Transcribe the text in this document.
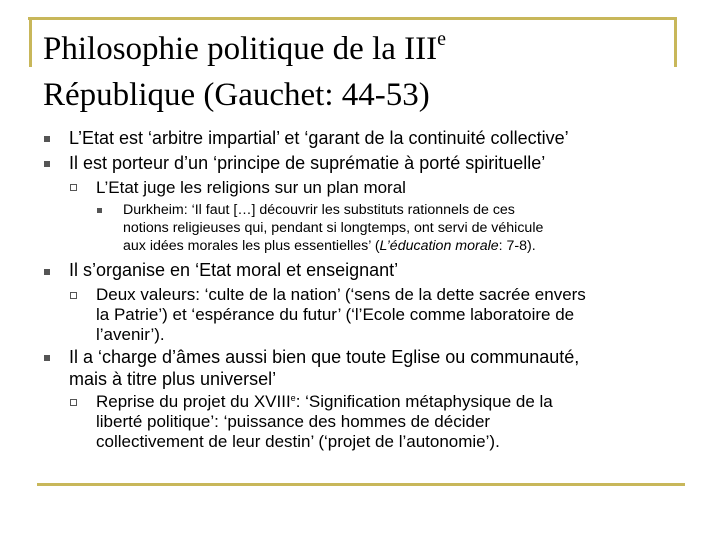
Philosophie politique de la IIIe
République (Gauchet: 44-53)
L’Etat est ‘arbitre impartial’ et ‘garant de la continuité collective’
Il est porteur d’un ‘principe de suprématie à porté spirituelle’
L’Etat juge les religions sur un plan moral
Durkheim: ‘Il faut […] découvrir les substituts rationnels de ces
notions religieuses qui, pendant si longtemps, ont servi de véhicule
aux idées morales les plus essentielles’ (L’éducation morale: 7-8).
Il s’organise en ‘Etat moral et enseignant’
Deux valeurs: ‘culte de la nation’ (‘sens de la dette sacrée envers
la Patrie’) et ‘espérance du futur’ (‘l’Ecole comme laboratoire de
l’avenir’).
Il a ‘charge d’âmes aussi bien que toute Eglise ou communauté,
mais à titre plus universel’
Reprise du projet du XVIIIe: ‘Signification métaphysique de la
liberté politique’: ‘puissance des hommes de décider
collectivement de leur destin’ (‘projet de l’autonomie’).
